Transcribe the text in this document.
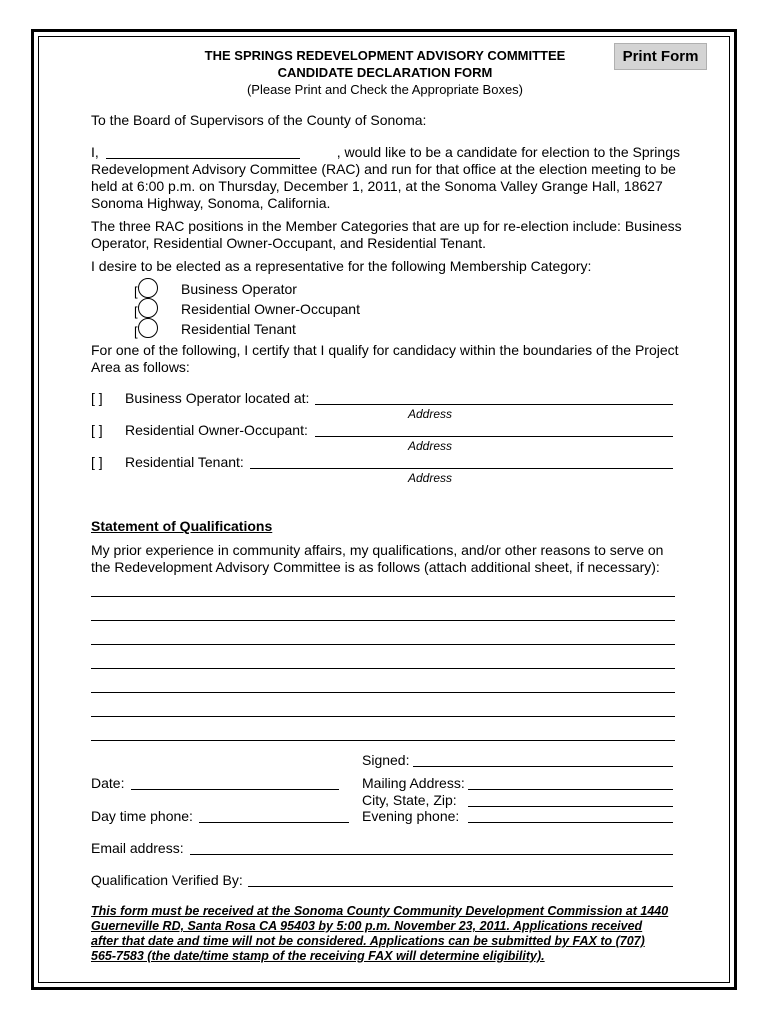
Print Form
THE SPRINGS REDEVELOPMENT ADVISORY COMMITTEE
CANDIDATE DECLARATION FORM
(Please Print and Check the Appropriate Boxes)
To the Board of Supervisors of the County of Sonoma:
I,	, would like to be a candidate for election to the Springs
Redevelopment Advisory Committee (RAC) and run for that office at the election meeting to be
held at 6:00 p.m. on Thursday, December 1, 2011, at the Sonoma Valley Grange Hall, 18627
Sonoma Highway, Sonoma, California.
The three RAC positions in the Member Categories that are up for re-election include: Business
Operator, Residential Owner-Occupant, and Residential Tenant.
I desire to be elected as a representative for the following Membership Category:
[	Business Operator
[	Residential Owner-Occupant
[	Residential Tenant
For one of the following, I certify that I qualify for candidacy within the boundaries of the Project
Area as follows:
[ ] Business Operator located at:
Address
[ ] Residential Owner-Occupant:
Address
[ ] Residential Tenant:
Address
Statement of Qualifications
My prior experience in community affairs, my qualifications, and/or other reasons to serve on
the Redevelopment Advisory Committee is as follows (attach additional sheet, if necessary):
Signed:
Date:	Mailing Address:
City, State, Zip:
Day time phone:	Evening phone:
Email address:
Qualification Verified By:
This form must be received at the Sonoma County Community Development Commission at 1440
Guerneville RD, Santa Rosa CA 95403 by 5:00 p.m. November 23, 2011. Applications received
after that date and time will not be considered. Applications can be submitted by FAX to (707)
565-7583 (the date/time stamp of the receiving FAX will determine eligibility).
